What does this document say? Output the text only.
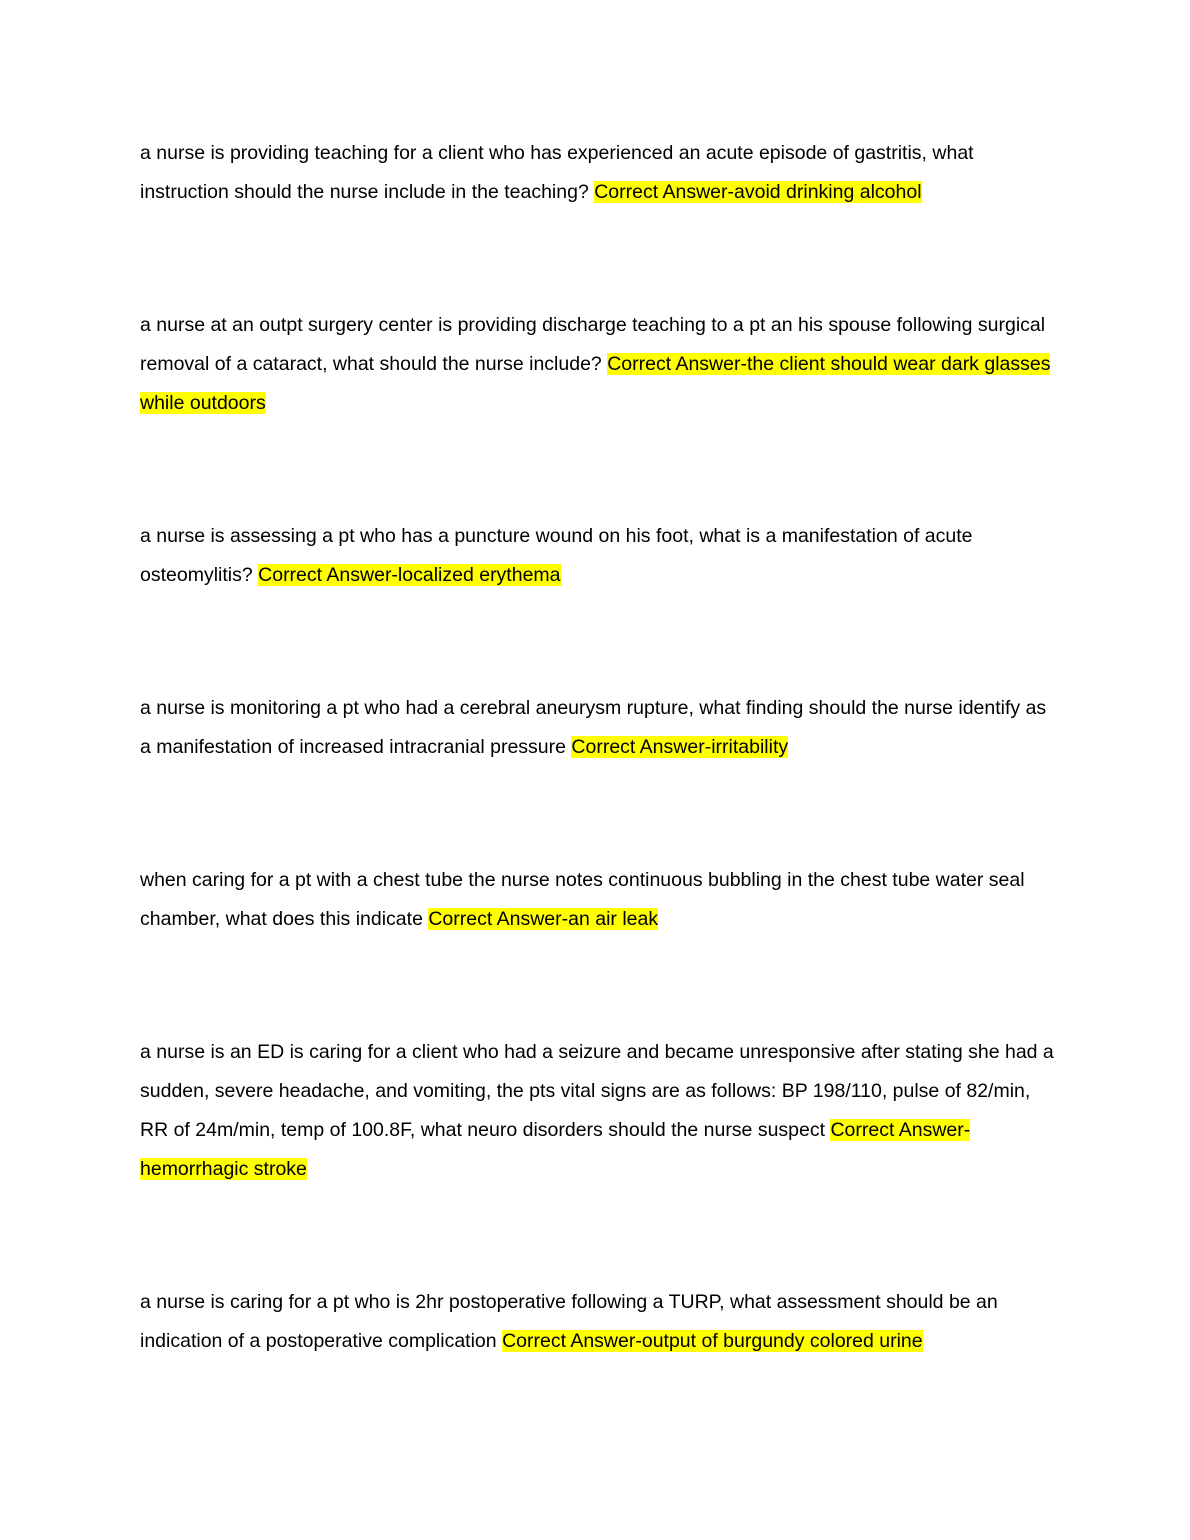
a nurse is providing teaching for a client who has experienced an acute episode of gastritis, what instruction should the nurse include in the teaching? Correct Answer-avoid drinking alcohol

a nurse at an outpt surgery center is providing discharge teaching to a pt an his spouse following surgical removal of a cataract, what should the nurse include? Correct Answer-the client should wear dark glasses while outdoors

a nurse is assessing a pt who has a puncture wound on his foot, what is a manifestation of acute osteomylitis? Correct Answer-localized erythema

a nurse is monitoring a pt who had a cerebral aneurysm rupture, what finding should the nurse identify as a manifestation of increased intracranial pressure Correct Answer-irritability

when caring for a pt with a chest tube the nurse notes continuous bubbling in the chest tube water seal chamber, what does this indicate Correct Answer-an air leak

a nurse is an ED is caring for a client who had a seizure and became unresponsive after stating she had a sudden, severe headache, and vomiting, the pts vital signs are as follows: BP 198/110, pulse of 82/min, RR of 24m/min, temp of 100.8F, what neuro disorders should the nurse suspect Correct Answer-hemorrhagic stroke

a nurse is caring for a pt who is 2hr postoperative following a TURP, what assessment should be an indication of a postoperative complication Correct Answer-output of burgundy colored urine
